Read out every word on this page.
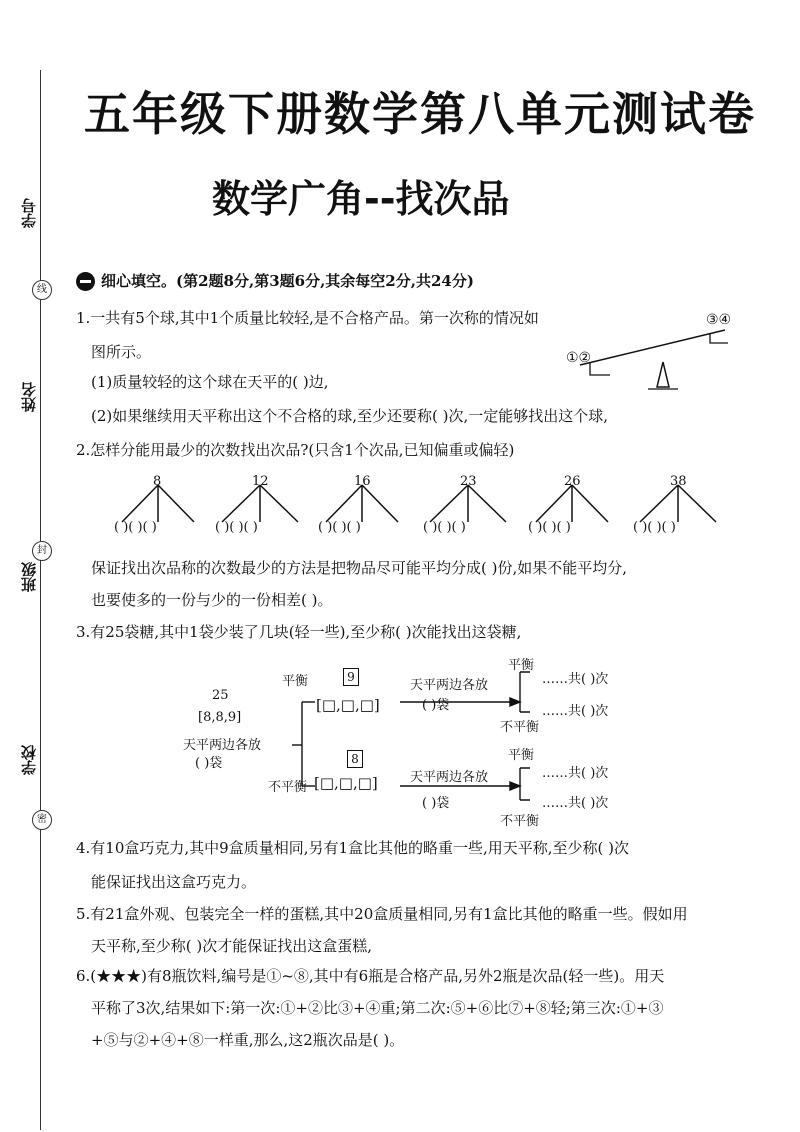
五年级下册数学第八单元测试卷
数学广角--找次品
学号
姓名
班级
学校
线
封
密
细心填空。(第2题8分,第3题6分,其余每空2分,共24分)
1.一共有5个球,其中1个质量比较轻,是不合格产品。第一次称的情况如
图所示。
(1)质量较轻的这个球在天平的( )边,
(2)如果继续用天平称出这个不合格的球,至少还要称( )次,一定能够找出这个球,
①②
③④
2.怎样分能用最少的次数找出次品?(只含1个次品,已知偏重或偏轻)
8	12	16	23	26	38
( )( )( )	( )( )( )	( )( )( )	( )( )( )	( )( )( )	( )( )( )
保证找出次品称的次数最少的方法是把物品尽可能平均分成( )份,如果不能平均分,
也要使多的一份与少的一份相差( )。
3.有25袋糖,其中1袋少装了几块(轻一些),至少称( )次能找出这袋糖,
25
[8,8,9]
天平两边各放
( )袋
平衡	9
[□,□,□]
天平两边各放
( )袋
平衡
……共( )次
不平衡
……共( )次
8
不平衡 [□,□,□] 天平两边各放
( )袋
平衡
……共( )次
不平衡
……共( )次
4.有10盒巧克力,其中9盒质量相同,另有1盒比其他的略重一些,用天平称,至少称( )次
能保证找出这盒巧克力。
5.有21盒外观、包装完全一样的蛋糕,其中20盒质量相同,另有1盒比其他的略重一些。假如用
天平称,至少称( )次才能保证找出这盒蛋糕,
6.(★★★)有8瓶饮料,编号是①~⑧,其中有6瓶是合格产品,另外2瓶是次品(轻一些)。用天
平称了3次,结果如下:第一次:①+②比③+④重;第二次:⑤+⑥比⑦+⑧轻;第三次:①+③
+⑤与②+④+⑧一样重,那么,这2瓶次品是( )。
